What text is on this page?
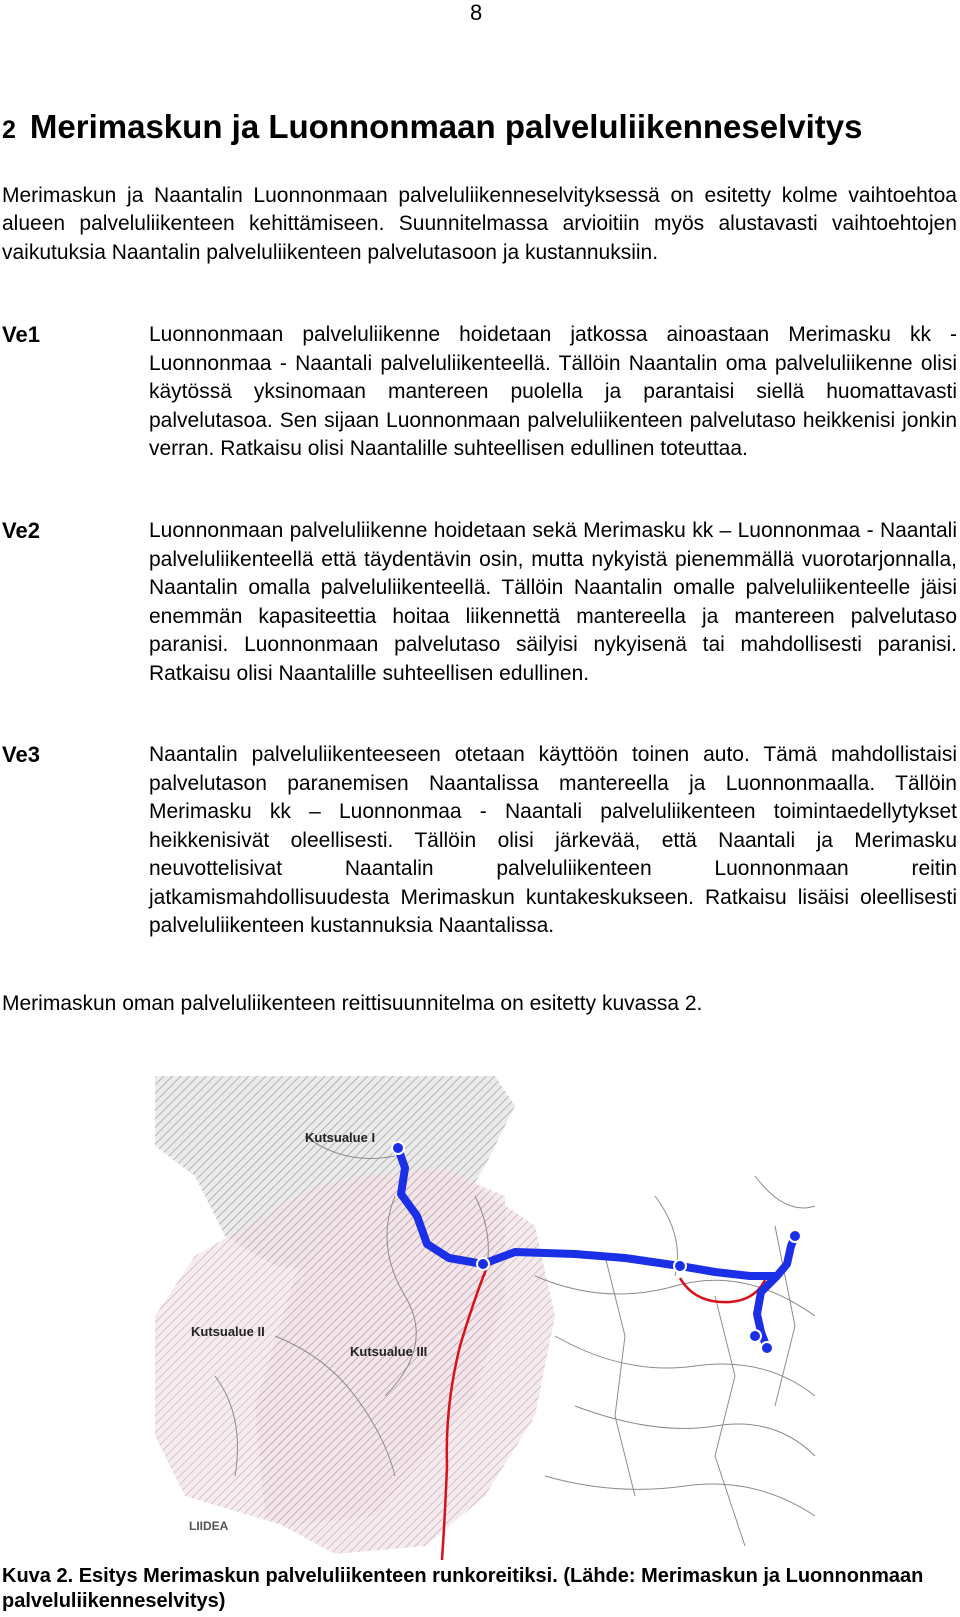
8
2 Merimaskun ja Luonnonmaan palveluliikenneselvitys

Merimaskun ja Naantalin Luonnonmaan palveluliikenneselvityksessä on esitetty kolme vaihtoehtoa alueen palveluliikenteen kehittämiseen. Suunnitelmassa arvioitiin myös alustavasti vaihtoehtojen vaikutuksia Naantalin palveluliikenteen palvelutasoon ja kustannuksiin.

Ve1	Luonnonmaan palveluliikenne hoidetaan jatkossa ainoastaan Merimasku kk - Luonnonmaa - Naantali palveluliikenteellä. Tällöin Naantalin oma palveluliikenne olisi käytössä yksinomaan mantereen puolella ja parantaisi siellä huomattavasti palvelutasoa. Sen sijaan Luonnonmaan palveluliikenteen palvelutaso heikkenisi jonkin verran. Ratkaisu olisi Naantalille suhteellisen edullinen toteuttaa.

Ve2	Luonnonmaan palveluliikenne hoidetaan sekä Merimasku kk – Luonnonmaa - Naantali palveluliikenteellä että täydentävin osin, mutta nykyistä pienemmällä vuorotarjonnalla, Naantalin omalla palveluliikenteellä. Tällöin Naantalin omalle palveluliikenteelle jäisi enemmän kapasiteettia hoitaa liikennettä mantereella ja mantereen palvelutaso paranisi. Luonnonmaan palvelutaso säilyisi nykyisenä tai mahdollisesti paranisi. Ratkaisu olisi Naantalille suhteellisen edullinen.

Ve3	Naantalin palveluliikenteeseen otetaan käyttöön toinen auto. Tämä mahdollistaisi palvelutason paranemisen Naantalissa mantereella ja Luonnonmaalla. Tällöin Merimasku kk – Luonnonmaa - Naantali palveluliikenteen toimintaedellytykset heikkenisivät oleellisesti. Tällöin olisi järkevää, että Naantali ja Merimasku neuvottelisivat Naantalin palveluliikenteen Luonnonmaan reitin jatkamismahdollisuudesta Merimaskun kuntakeskukseen. Ratkaisu lisäisi oleellisesti palveluliikenteen kustannuksia Naantalissa.

Merimaskun oman palveluliikenteen reittisuunnitelma on esitetty kuvassa 2.

Kutsualue I
Kutsualue II
Kutsualue III
LIIDEA

Kuva 2. Esitys Merimaskun palveluliikenteen runkoreitiksi. (Lähde: Merimaskun ja Luonnonmaan palveluliikenneselvitys)
